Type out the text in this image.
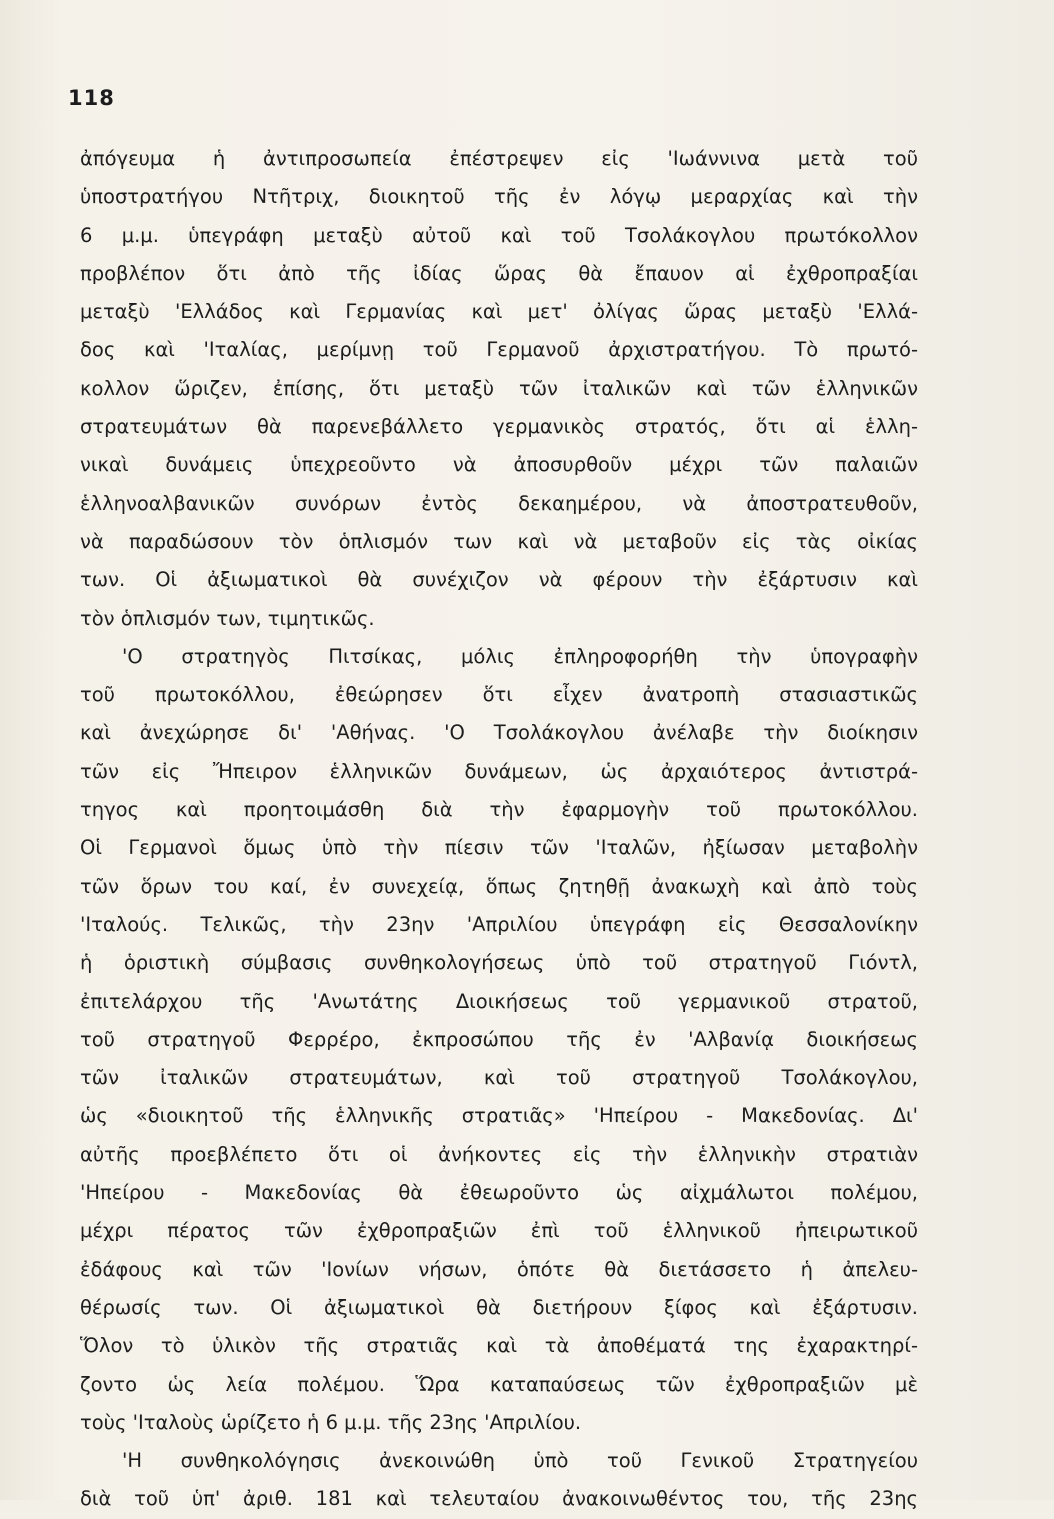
118
ἀπόγευμα ἡ ἀντιπροσωπεία ἐπέστρεψεν εἰς 'Ιωάννινα μετὰ τοῦ
ὑποστρατήγου Ντῆτριχ, διοικητοῦ τῆς ἐν λόγῳ μεραρχίας καὶ τὴν
6 μ.μ. ὑπεγράφη μεταξὺ αὐτοῦ καὶ τοῦ Τσολάκογλου πρωτόκολλον
προβλέπον ὅτι ἀπὸ τῆς ἰδίας ὥρας θὰ ἔπαυον αἱ ἐχθροπραξίαι
μεταξὺ 'Ελλάδος καὶ Γερμανίας καὶ μετ' ὀλίγας ὥρας μεταξὺ 'Ελλά-
δος καὶ 'Ιταλίας, μερίμνῃ τοῦ Γερμανοῦ ἀρχιστρατήγου. Τὸ πρωτό-
κολλον ὥριζεν, ἐπίσης, ὅτι μεταξὺ τῶν ἰταλικῶν καὶ τῶν ἑλληνικῶν
στρατευμάτων θὰ παρενεβάλλετο γερμανικὸς στρατός, ὅτι αἱ ἑλλη-
νικαὶ δυνάμεις ὑπεχρεοῦντο νὰ ἀποσυρθοῦν μέχρι τῶν παλαιῶν
ἑλληνοαλβανικῶν συνόρων ἐντὸς δεκαημέρου, νὰ ἀποστρατευθοῦν,
νὰ παραδώσουν τὸν ὁπλισμόν των καὶ νὰ μεταβοῦν εἰς τὰς οἰκίας
των. Οἱ ἀξιωματικοὶ θὰ συνέχιζον νὰ φέρουν τὴν ἐξάρτυσιν καὶ
τὸν ὁπλισμόν των, τιμητικῶς.
'Ο στρατηγὸς Πιτσίκας, μόλις ἐπληροφορήθη τὴν ὑπογραφὴν
τοῦ πρωτοκόλλου, ἐθεώρησεν ὅτι εἶχεν ἀνατροπὴ στασιαστικῶς
καὶ ἀνεχώρησε δι' 'Αθήνας. 'Ο Τσολάκογλου ἀνέλαβε τὴν διοίκησιν
τῶν εἰς Ἤπειρον ἑλληνικῶν δυνάμεων, ὡς ἀρχαιότερος ἀντιστρά-
τηγος καὶ προητοιμάσθη διὰ τὴν ἐφαρμογὴν τοῦ πρωτοκόλλου.
Οἱ Γερμανοὶ ὅμως ὑπὸ τὴν πίεσιν τῶν 'Ιταλῶν, ἠξίωσαν μεταβολὴν
τῶν ὅρων του καί, ἐν συνεχείᾳ, ὅπως ζητηθῇ ἀνακωχὴ καὶ ἀπὸ τοὺς
'Ιταλούς. Τελικῶς, τὴν 23ην 'Απριλίου ὑπεγράφη εἰς Θεσσαλονίκην
ἡ ὁριστικὴ σύμβασις συνθηκολογήσεως ὑπὸ τοῦ στρατηγοῦ Γιόντλ,
ἐπιτελάρχου τῆς 'Ανωτάτης Διοικήσεως τοῦ γερμανικοῦ στρατοῦ,
τοῦ στρατηγοῦ Φερρέρο, ἐκπροσώπου τῆς ἐν 'Αλβανίᾳ διοικήσεως
τῶν ἰταλικῶν στρατευμάτων, καὶ τοῦ στρατηγοῦ Τσολάκογλου,
ὡς «διοικητοῦ τῆς ἑλληνικῆς στρατιᾶς» 'Ηπείρου - Μακεδονίας. Δι'
αὐτῆς προεβλέπετο ὅτι οἱ ἀνήκοντες εἰς τὴν ἑλληνικὴν στρατιὰν
'Ηπείρου - Μακεδονίας θὰ ἐθεωροῦντο ὡς αἰχμάλωτοι πολέμου,
μέχρι πέρατος τῶν ἐχθροπραξιῶν ἐπὶ τοῦ ἑλληνικοῦ ἠπειρωτικοῦ
ἐδάφους καὶ τῶν 'Ιονίων νήσων, ὁπότε θὰ διετάσσετο ἡ ἀπελευ-
θέρωσίς των. Οἱ ἀξιωματικοὶ θὰ διετήρουν ξίφος καὶ ἐξάρτυσιν.
Ὅλον τὸ ὑλικὸν τῆς στρατιᾶς καὶ τὰ ἀποθέματά της ἐχαρακτηρί-
ζοντο ὡς λεία πολέμου. Ὥρα καταπαύσεως τῶν ἐχθροπραξιῶν μὲ
τοὺς 'Ιταλοὺς ὡρίζετο ἡ 6 μ.μ. τῆς 23ης 'Απριλίου.
'Η συνθηκολόγησις ἀνεκοινώθη ὑπὸ τοῦ Γενικοῦ Στρατηγείου
διὰ τοῦ ὑπ' ἀριθ. 181 καὶ τελευταίου ἀνακοινωθέντος του, τῆς 23ης
